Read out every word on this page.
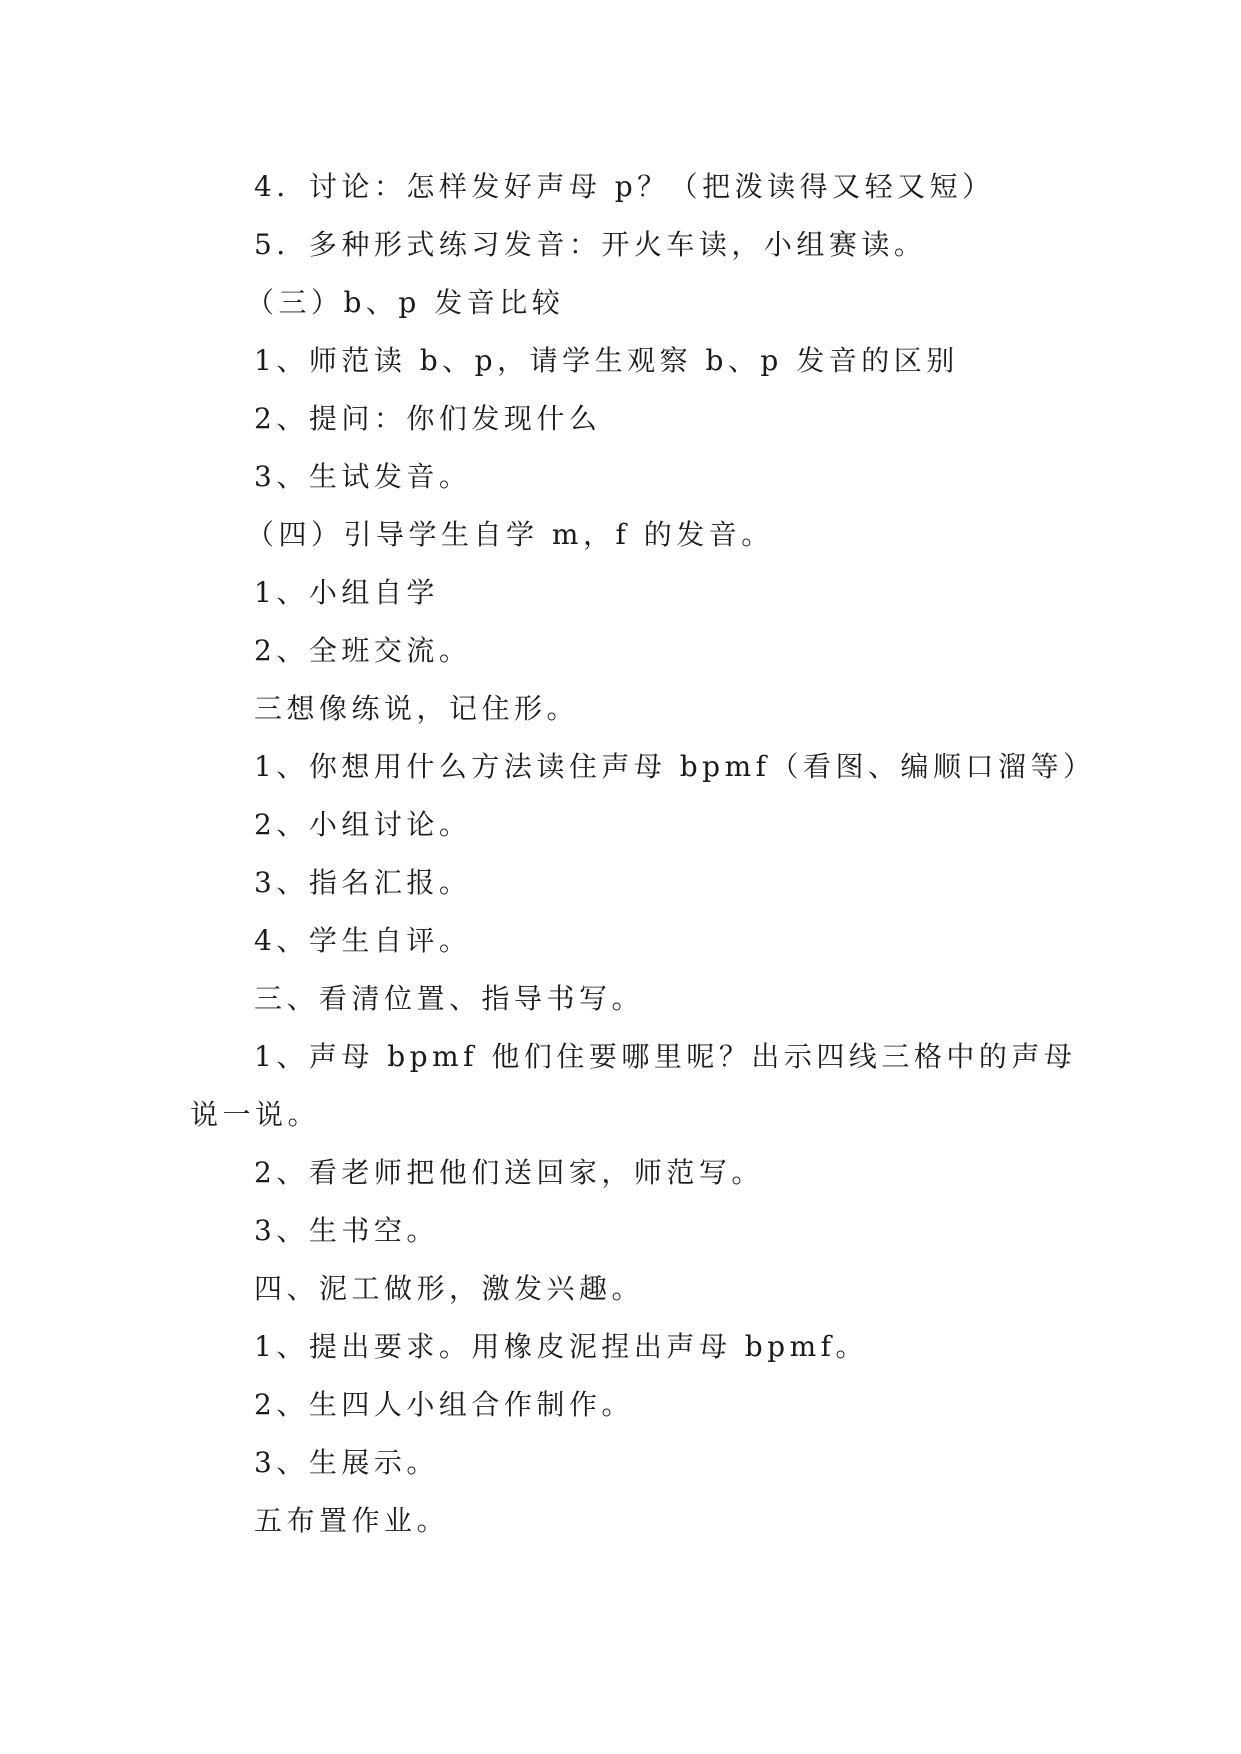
4．讨论：怎样发好声母 p？（把泼读得又轻又短）
5．多种形式练习发音：开火车读，小组赛读。
（三）b、p 发音比较
1、师范读 b、p，请学生观察 b、p 发音的区别
2、提问：你们发现什么
3、生试发音。
（四）引导学生自学 m，f 的发音。
1、小组自学
2、全班交流。
三想像练说，记住形。
1、你想用什么方法读住声母 bpmf（看图、编顺口溜等）
2、小组讨论。
3、指名汇报。
4、学生自评。
三、看清位置、指导书写。
1、声母 bpmf 他们住要哪里呢？出示四线三格中的声母
说一说。
2、看老师把他们送回家，师范写。
3、生书空。
四、泥工做形，激发兴趣。
1、提出要求。用橡皮泥捏出声母 bpmf。
2、生四人小组合作制作。
3、生展示。
五布置作业。
